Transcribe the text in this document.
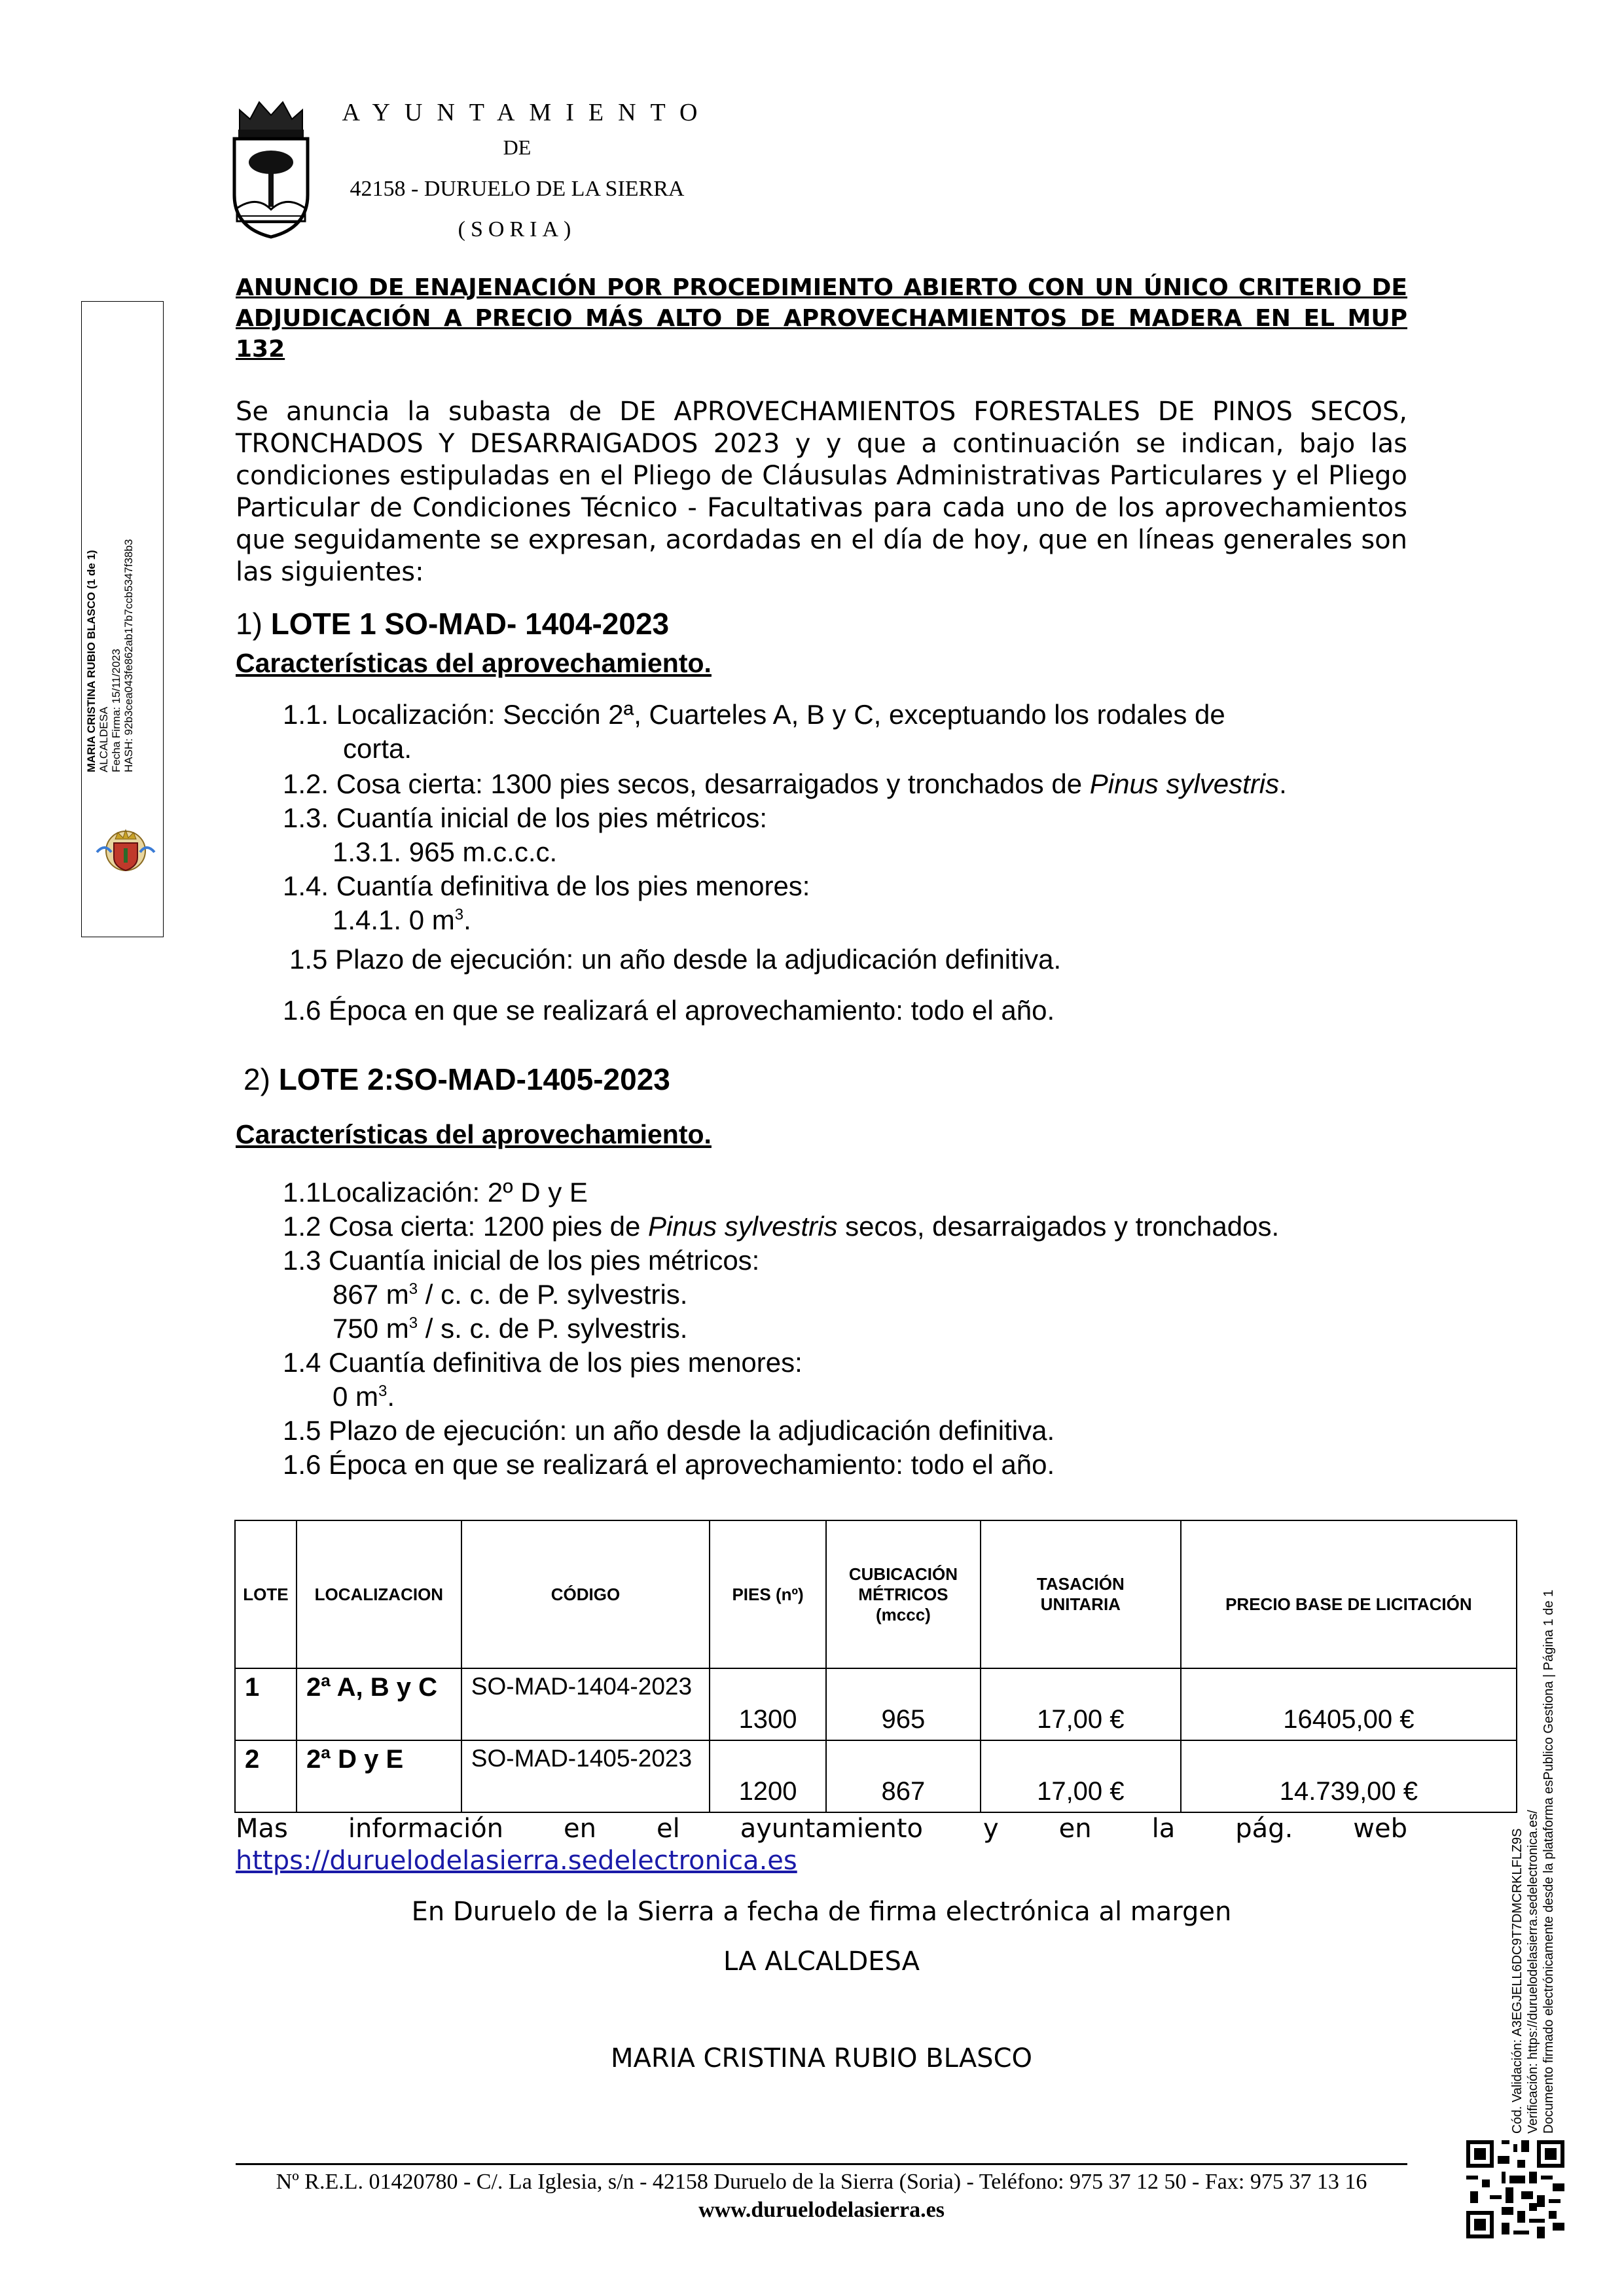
AYUNTAMIENTO
DE
42158 - DURUELO DE LA SIERRA
(SORIA)
MARIA CRISTINA RUBIO BLASCO (1 de 1) ALCALDESA Fecha Firma: 15/11/2023 HASH: 92b3cea043fe862ab17b7ccb5347f38b3
Cód. Validación: A3EGJELL6DC9T7DMCRKLFLZ9S Verificación: https://duruelodelasierra.sedelectronica.es/ Documento firmado electrónicamente desde la plataforma esPublico Gestiona | Página 1 de 1
ANUNCIO DE ENAJENACIÓN POR PROCEDIMIENTO ABIERTO CON UN ÚNICO CRITERIO DE ADJUDICACIÓN A PRECIO MÁS ALTO DE APROVECHAMIENTOS DE MADERA EN EL MUP 132
Se anuncia la subasta de DE APROVECHAMIENTOS FORESTALES DE PINOS SECOS, TRONCHADOS Y DESARRAIGADOS 2023 y y que a continuación se indican, bajo las condiciones estipuladas en el Pliego de Cláusulas Administrativas Particulares y el Pliego Particular de Condiciones Técnico - Facultativas para cada uno de los aprovechamientos que seguidamente se expresan, acordadas en el día de hoy, que en líneas generales son las siguientes:
1) LOTE 1 SO-MAD- 1404-2023
Características del aprovechamiento.
1.1. Localización: Sección 2ª, Cuarteles A, B y C, exceptuando los rodales de
corta.
1.2. Cosa cierta: 1300 pies secos, desarraigados y tronchados de Pinus sylvestris.
1.3. Cuantía inicial de los pies métricos:
1.3.1. 965 m.c.c.c.
1.4. Cuantía definitiva de los pies menores:
1.4.1. 0 $m^3$.
1.5 Plazo de ejecución: un año desde la adjudicación definitiva.
1.6 Época en que se realizará el aprovechamiento: todo el año.
2) LOTE 2:SO-MAD-1405-2023
Características del aprovechamiento.
1.1Localización: 2º D y E
1.2 Cosa cierta: 1200 pies de Pinus sylvestris secos, desarraigados y tronchados.
1.3 Cuantía inicial de los pies métricos:
867 $m^3$ / c. c. de P. sylvestris.
750 $m^3$ / s. c. de P. sylvestris.
1.4 Cuantía definitiva de los pies menores:
0 $m^3$.
1.5 Plazo de ejecución: un año desde la adjudicación definitiva.
1.6 Época en que se realizará el aprovechamiento: todo el año.
LOTE	LOCALIZACION	CÓDIGO	PIES (nº)	CUBICACIÓN MÉTRICOS (mccc)	TASACIÓN UNITARIA	PRECIO BASE DE LICITACIÓN
1	2ª A, B y C	SO-MAD-1404-2023	1300	965	17,00 €	16405,00 €
2	2ª D y E	SO-MAD-1405-2023	1200	867	17,00 €	14.739,00 €
Mas información en el ayuntamiento y en la pág. web
https://duruelodelasierra.sedelectronica.es
En Duruelo de la Sierra a fecha de firma electrónica al margen
LA ALCALDESA
MARIA CRISTINA RUBIO BLASCO
Nº R.E.L. 01420780 - C/. La Iglesia, s/n - 42158 Duruelo de la Sierra (Soria) - Teléfono: 975 37 12 50 - Fax: 975 37 13 16
www.duruelodelasierra.es
